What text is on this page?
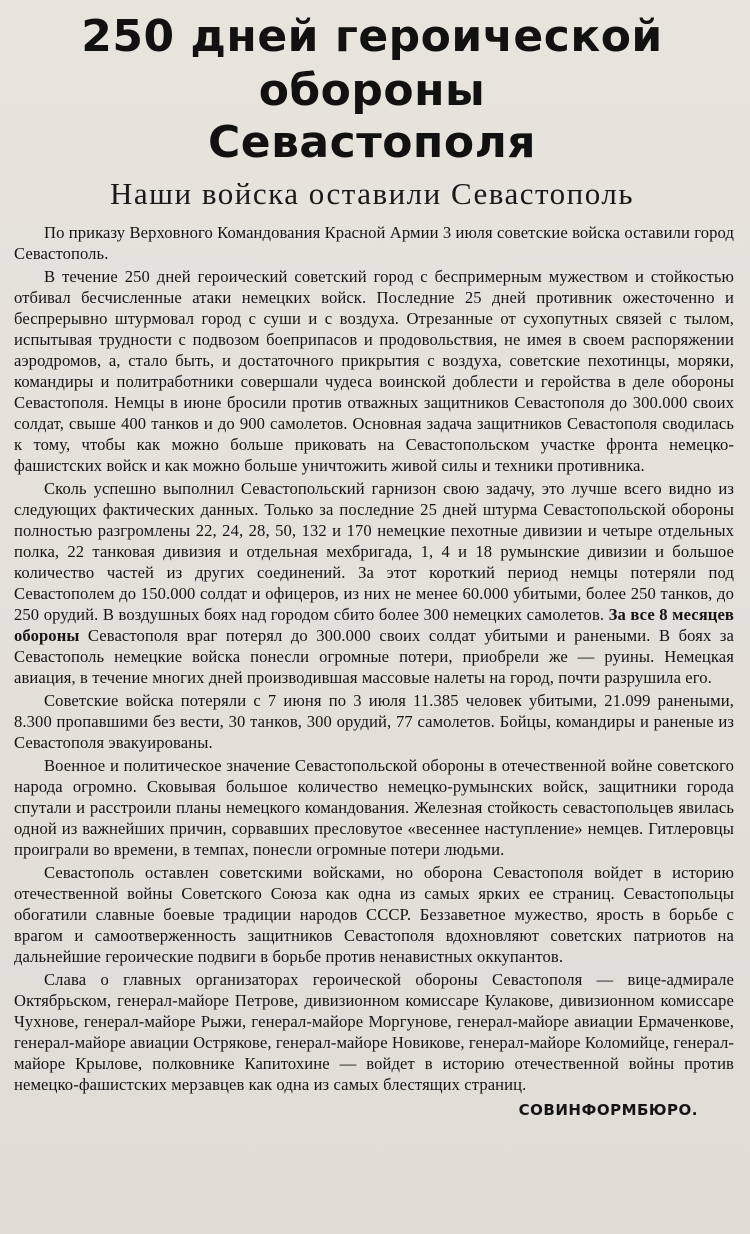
250 дней героической обороны
Севастополя
Наши войска оставили Севастополь

По приказу Верховного Командования Красной Армии 3 июля советские войска оставили город Севастополь.

В течение 250 дней героический советский город с беспримерным мужеством и стойкостью отбивал бесчисленные атаки немецких войск. Последние 25 дней противник ожесточенно и беспрерывно штурмовал город с суши и с воздуха. Отрезанные от сухопутных связей с тылом, испытывая трудности с подвозом боеприпасов и продовольствия, не имея в своем распоряжении аэродромов, а, стало быть, и достаточного прикрытия с воздуха, советские пехотинцы, моряки, командиры и политработники совершали чудеса воинской доблести и геройства в деле обороны Севастополя. Немцы в июне бросили против отважных защитников Севастополя до 300.000 своих солдат, свыше 400 танков и до 900 самолетов. Основная задача защитников Севастополя сводилась к тому, чтобы как можно больше приковать на Севастопольском участке фронта немецко-фашистских войск и как можно больше уничтожить живой силы и техники противника.

Сколь успешно выполнил Севастопольский гарнизон свою задачу, это лучше всего видно из следующих фактических данных. Только за последние 25 дней штурма Севастопольской обороны полностью разгромлены 22, 24, 28, 50, 132 и 170 немецкие пехотные дивизии и четыре отдельных полка, 22 танковая дивизия и отдельная мехбригада, 1, 4 и 18 румынские дивизии и большое количество частей из других соединений. За этот короткий период немцы потеряли под Севастополем до 150.000 солдат и офицеров, из них не менее 60.000 убитыми, более 250 танков, до 250 орудий. В воздушных боях над городом сбито более 300 немецких самолетов. За все 8 месяцев обороны Севастополя враг потерял до 300.000 своих солдат убитыми и ранеными. В боях за Севастополь немецкие войска понесли огромные потери, приобрели же — руины. Немецкая авиация, в течение многих дней производившая массовые налеты на город, почти разрушила его.

Советские войска потеряли с 7 июня по 3 июля 11.385 человек убитыми, 21.099 ранеными, 8.300 пропавшими без вести, 30 танков, 300 орудий, 77 самолетов. Бойцы, командиры и раненые из Севастополя эвакуированы.

Военное и политическое значение Севастопольской обороны в отечественной войне советского народа огромно. Сковывая большое количество немецко-румынских войск, защитники города спутали и расстроили планы немецкого командования. Железная стойкость севастопольцев явилась одной из важнейших причин, сорвавших пресловутое «весеннее наступление» немцев. Гитлеровцы проиграли во времени, в темпах, понесли огромные потери людьми.

Севастополь оставлен советскими войсками, но оборона Севастополя войдет в историю отечественной войны Советского Союза как одна из самых ярких ее страниц. Севастопольцы обогатили славные боевые традиции народов СССР. Беззаветное мужество, ярость в борьбе с врагом и самоотверженность защитников Севастополя вдохновляют советских патриотов на дальнейшие героические подвиги в борьбе против ненавистных оккупантов.

Слава о главных организаторах героической обороны Севастополя — вице-адмирале Октябрьском, генерал-майоре Петрове, дивизионном комиссаре Кулакове, дивизионном комиссаре Чухнове, генерал-майоре Рыжи, генерал-майоре Моргунове, генерал-майоре авиации Ермаченкове, генерал-майоре авиации Острякове, генерал-майоре Новикове, генерал-майоре Коломийце, генерал-майоре Крылове, полковнике Капитохине — войдет в историю отечественной войны против немецко-фашистских мерзавцев как одна из самых блестящих страниц.

СОВИНФОРМБЮРО.
